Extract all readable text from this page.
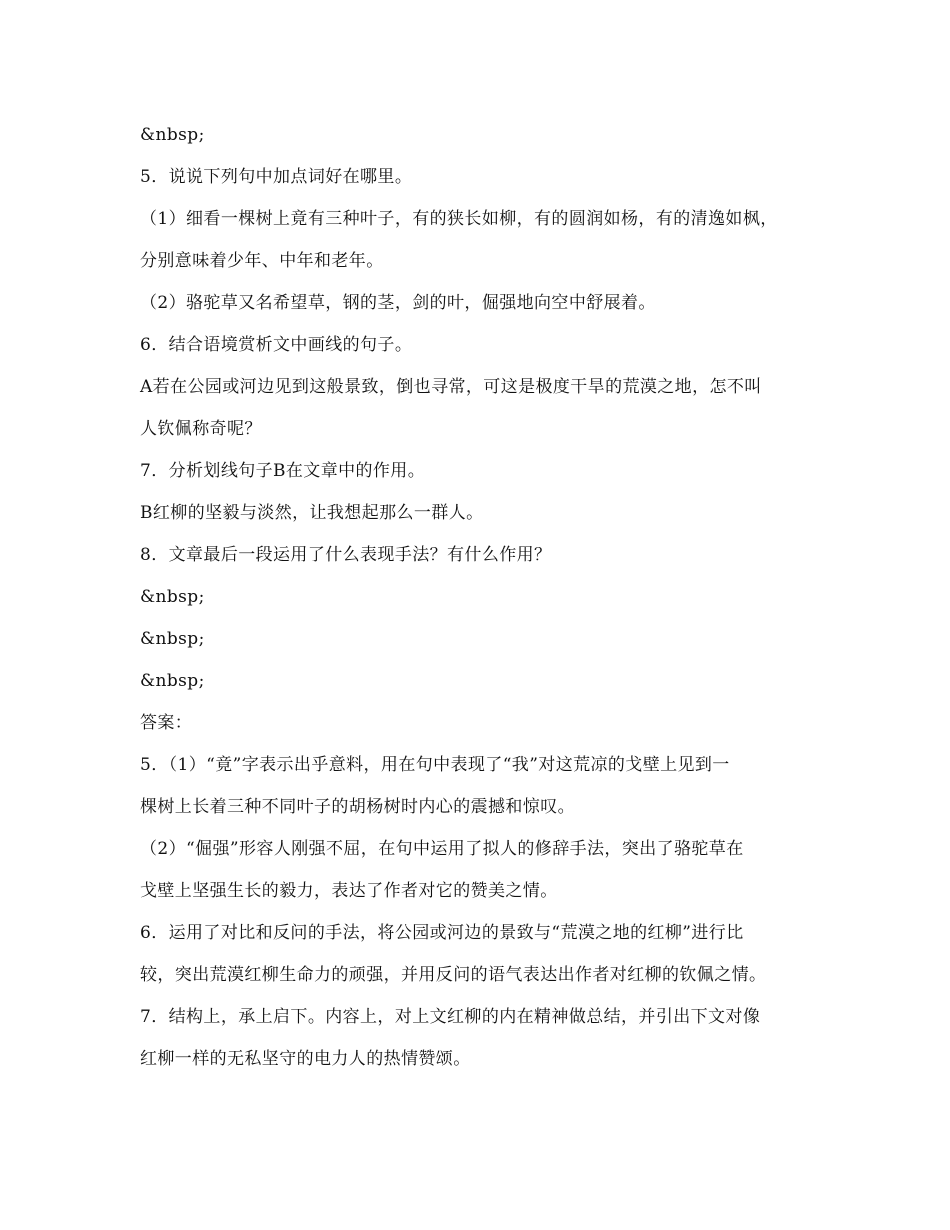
&nbsp;
5．说说下列句中加点词好在哪里。
（1）细看一棵树上竟有三种叶子，有的狭长如柳，有的圆润如杨，有的清逸如枫，
分别意味着少年、中年和老年。
（2）骆驼草又名希望草，钢的茎，剑的叶，倔强地向空中舒展着。
6．结合语境赏析文中画线的句子。
A若在公园或河边见到这般景致，倒也寻常，可这是极度干旱的荒漠之地，怎不叫
人钦佩称奇呢？
7．分析划线句子B在文章中的作用。
B红柳的坚毅与淡然，让我想起那么一群人。
8．文章最后一段运用了什么表现手法？有什么作用？
&nbsp;
&nbsp;
&nbsp;
答案：
5．（1）“竟”字表示出乎意料，用在句中表现了“我”对这荒凉的戈壁上见到一
棵树上长着三种不同叶子的胡杨树时内心的震撼和惊叹。
（2）“倔强”形容人刚强不屈，在句中运用了拟人的修辞手法，突出了骆驼草在
戈壁上坚强生长的毅力，表达了作者对它的赞美之情。
6．运用了对比和反问的手法，将公园或河边的景致与“荒漠之地的红柳”进行比
较，突出荒漠红柳生命力的顽强，并用反问的语气表达出作者对红柳的钦佩之情。
7．结构上，承上启下。内容上，对上文红柳的内在精神做总结，并引出下文对像
红柳一样的无私坚守的电力人的热情赞颂。
